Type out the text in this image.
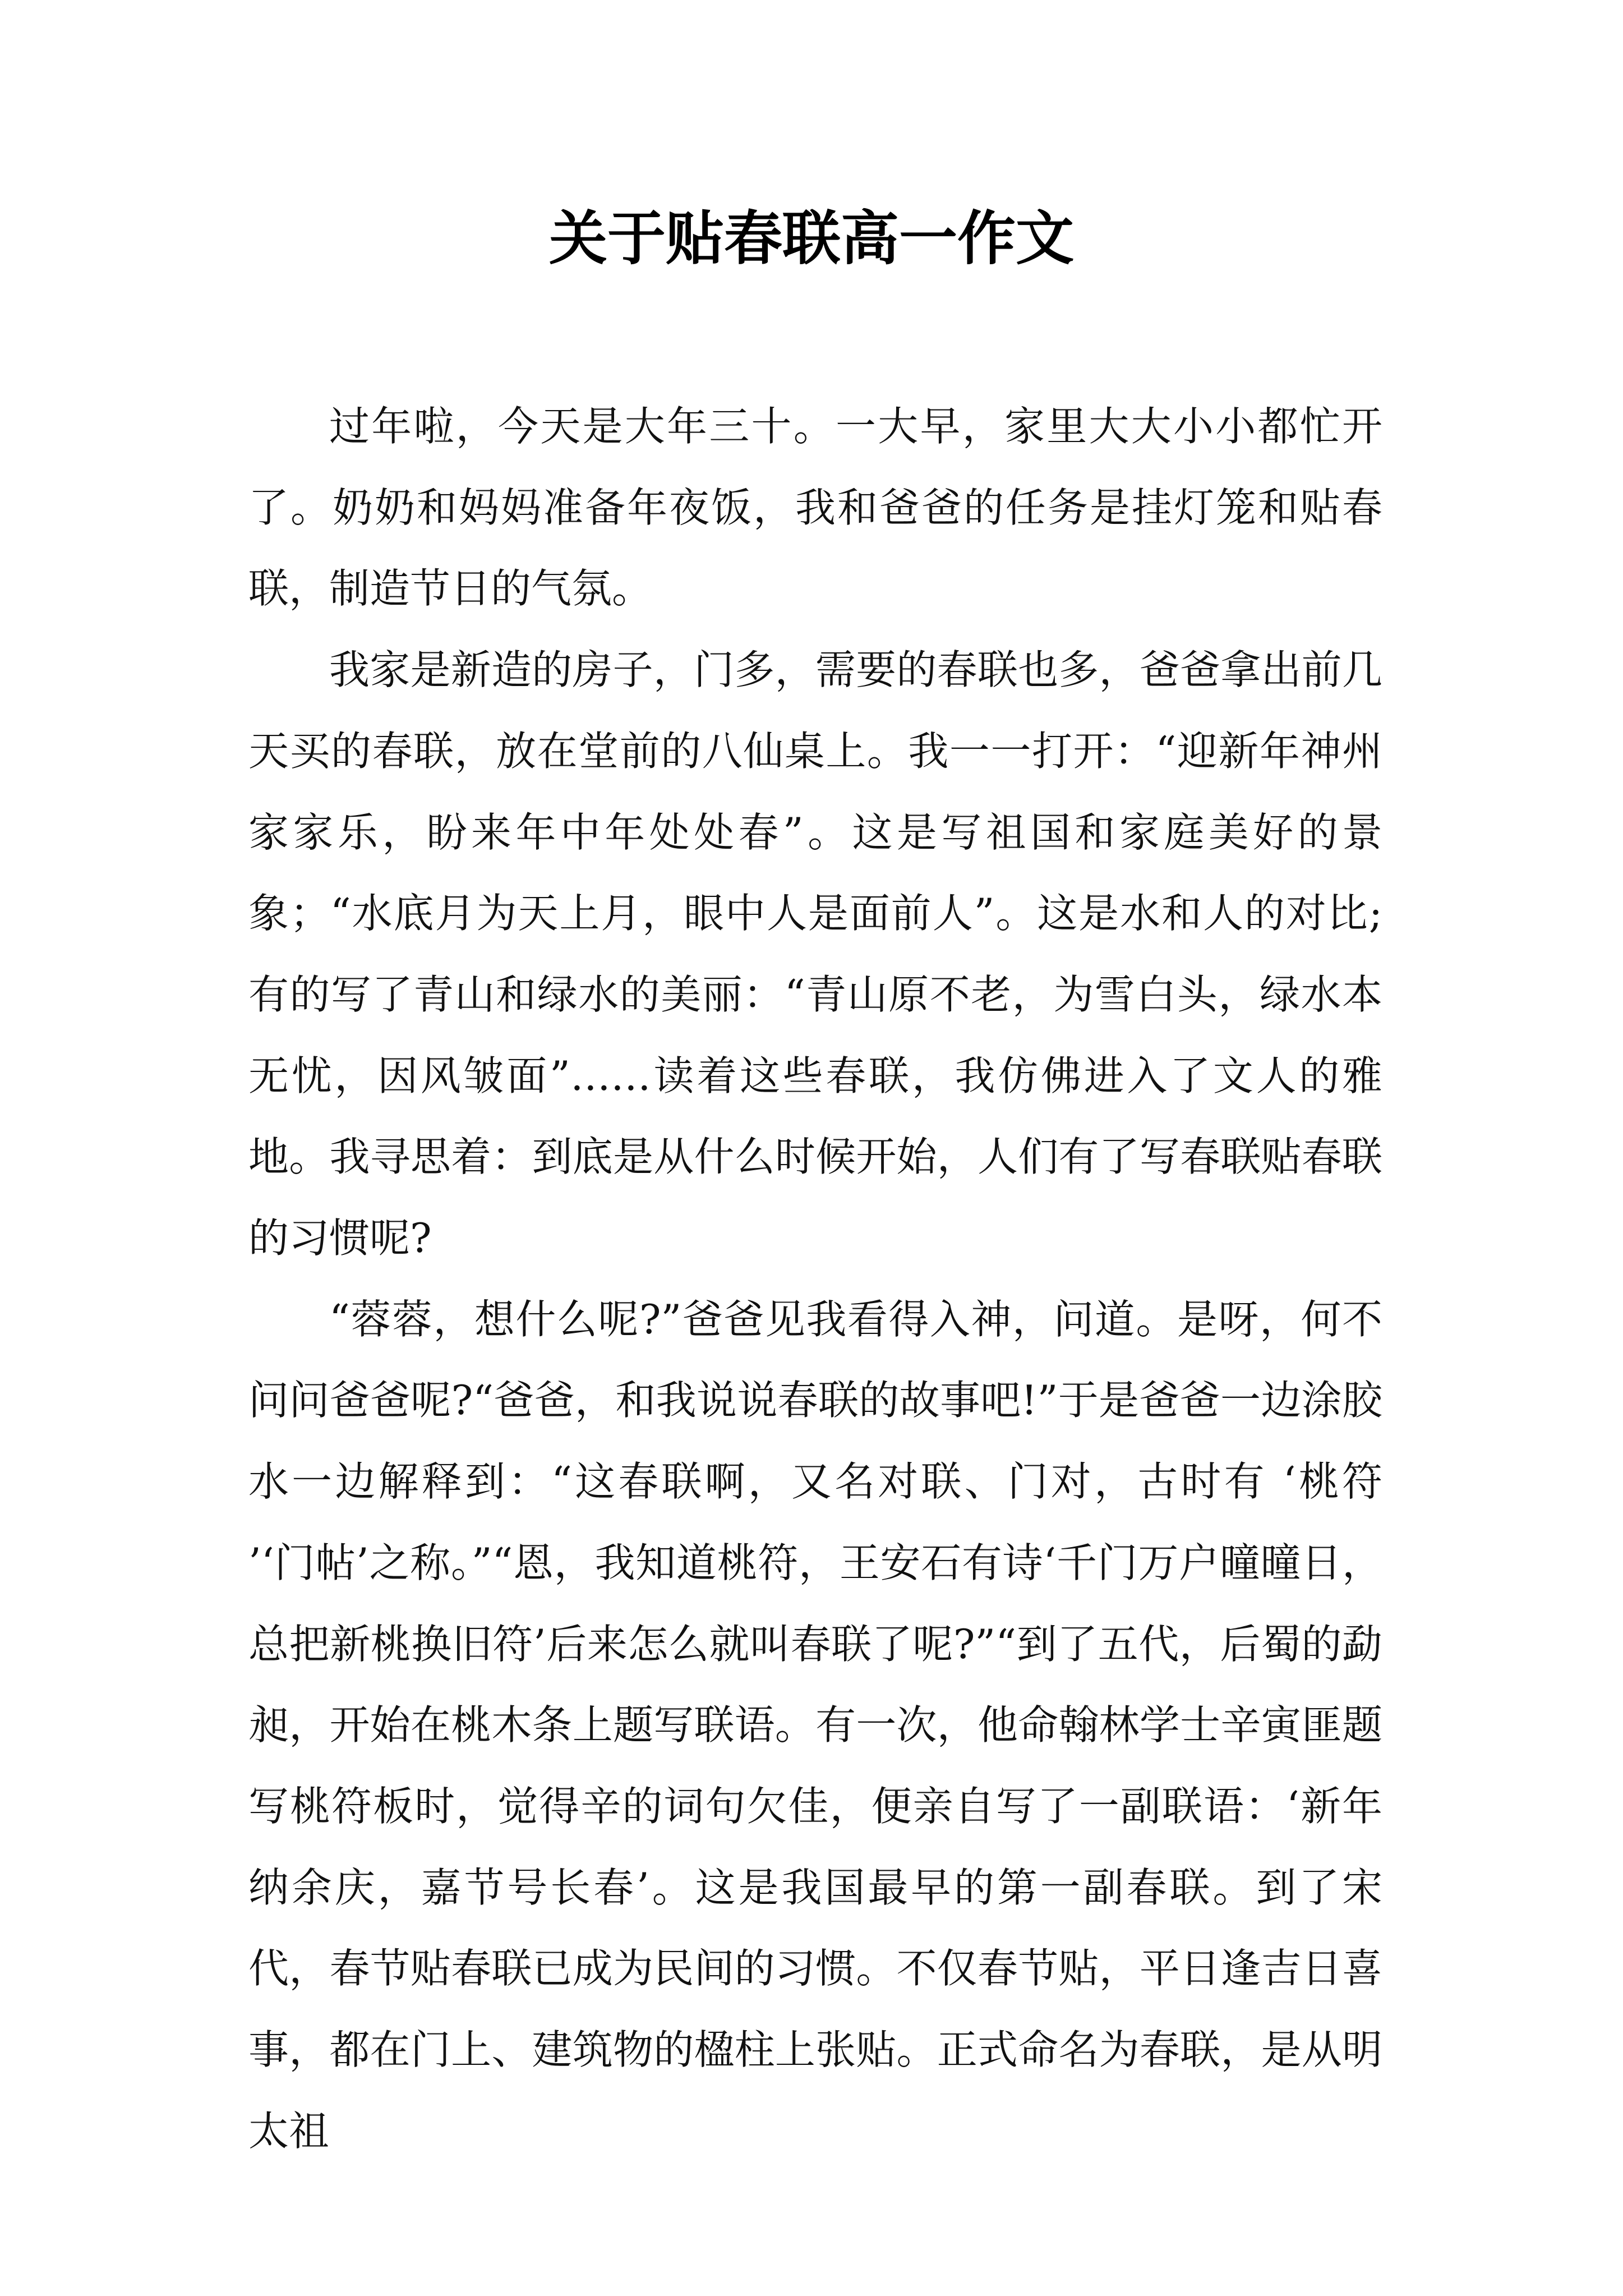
关于贴春联高一作文

过年啦，今天是大年三十。一大早，家里大大小小都忙开了。奶奶和妈妈准备年夜饭，我和爸爸的任务是挂灯笼和贴春联，制造节日的气氛。

我家是新造的房子，门多，需要的春联也多，爸爸拿出前几天买的春联，放在堂前的八仙桌上。我一一打开：“迎新年神州家家乐，盼来年中年处处春”。这是写祖国和家庭美好的景象；“水底月为天上月，眼中人是面前人”。这是水和人的对比;有的写了青山和绿水的美丽：“青山原不老，为雪白头，绿水本无忧，因风皱面”……读着这些春联，我仿佛进入了文人的雅地。我寻思着：到底是从什么时候开始，人们有了写春联贴春联的习惯呢?

“蓉蓉，想什么呢?”爸爸见我看得入神，问道。是呀，何不问问爸爸呢?“爸爸，和我说说春联的故事吧!”于是爸爸一边涂胶水一边解释到：“这春联啊，又名对联、门对，古时有 ‘桃符 ’‘门帖’之称。”“恩，我知道桃符，王安石有诗‘千门万户曈曈日，总把新桃换旧符’后来怎么就叫春联了呢?”“到了五代，后蜀的勐昶，开始在桃木条上题写联语。有一次，他命翰林学士辛寅匪题写桃符板时，觉得辛的词句欠佳，便亲自写了一副联语：‘新年纳余庆，嘉节号长春’。这是我国最早的第一副春联。到了宋代，春节贴春联已成为民间的习惯。不仅春节贴，平日逢吉日喜事，都在门上、建筑物的楹柱上张贴。正式命名为春联，是从明太祖
